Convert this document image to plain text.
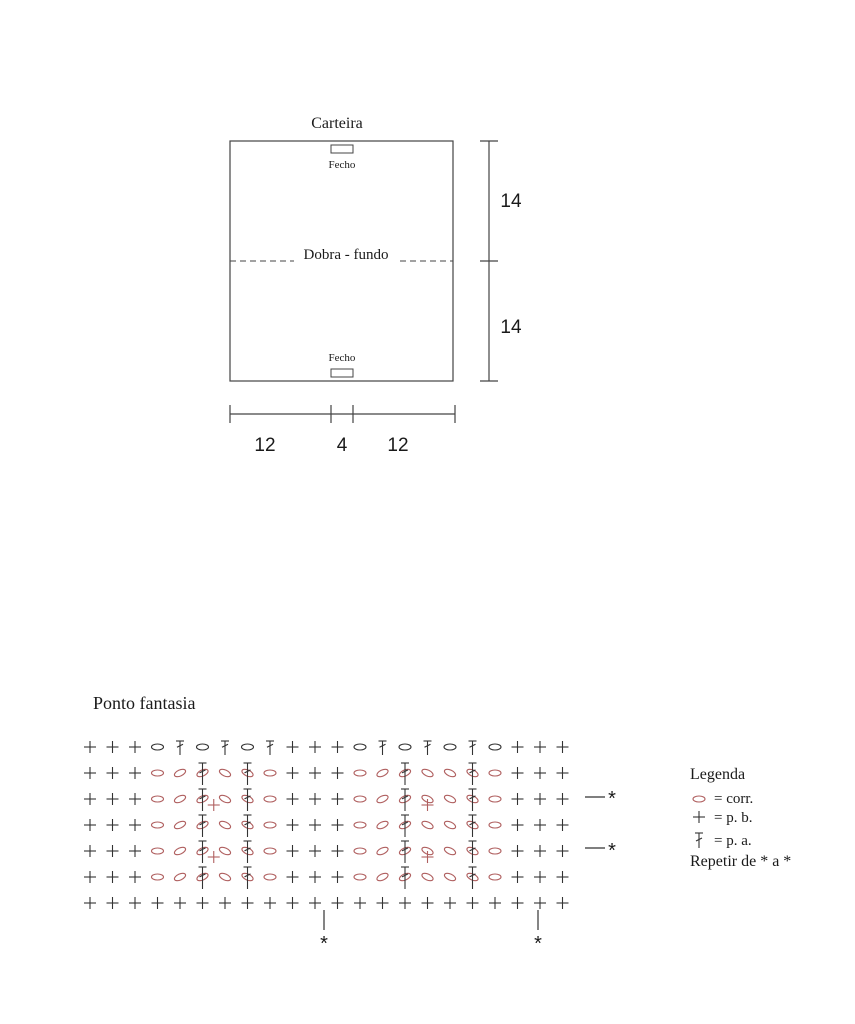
Carteira
Fecho
Dobra - fundo
Fecho
14
14
12	4 12
Ponto fantasia
*
*
*	*
Legenda
= corr.
= p. b.
= p. a.
Repetir de * a *
